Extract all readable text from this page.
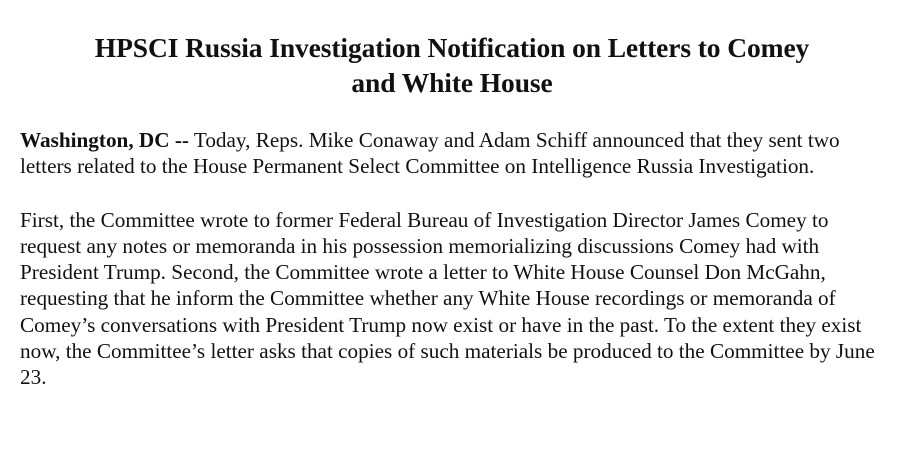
HPSCI Russia Investigation Notification on Letters to Comey
and White House

Washington, DC -- Today, Reps. Mike Conaway and Adam Schiff announced that they sent two letters related to the House Permanent Select Committee on Intelligence Russia Investigation.

First, the Committee wrote to former Federal Bureau of Investigation Director James Comey to request any notes or memoranda in his possession memorializing discussions Comey had with President Trump. Second, the Committee wrote a letter to White House Counsel Don McGahn, requesting that he inform the Committee whether any White House recordings or memoranda of Comey’s conversations with President Trump now exist or have in the past. To the extent they exist now, the Committee’s letter asks that copies of such materials be produced to the Committee by June 23.
